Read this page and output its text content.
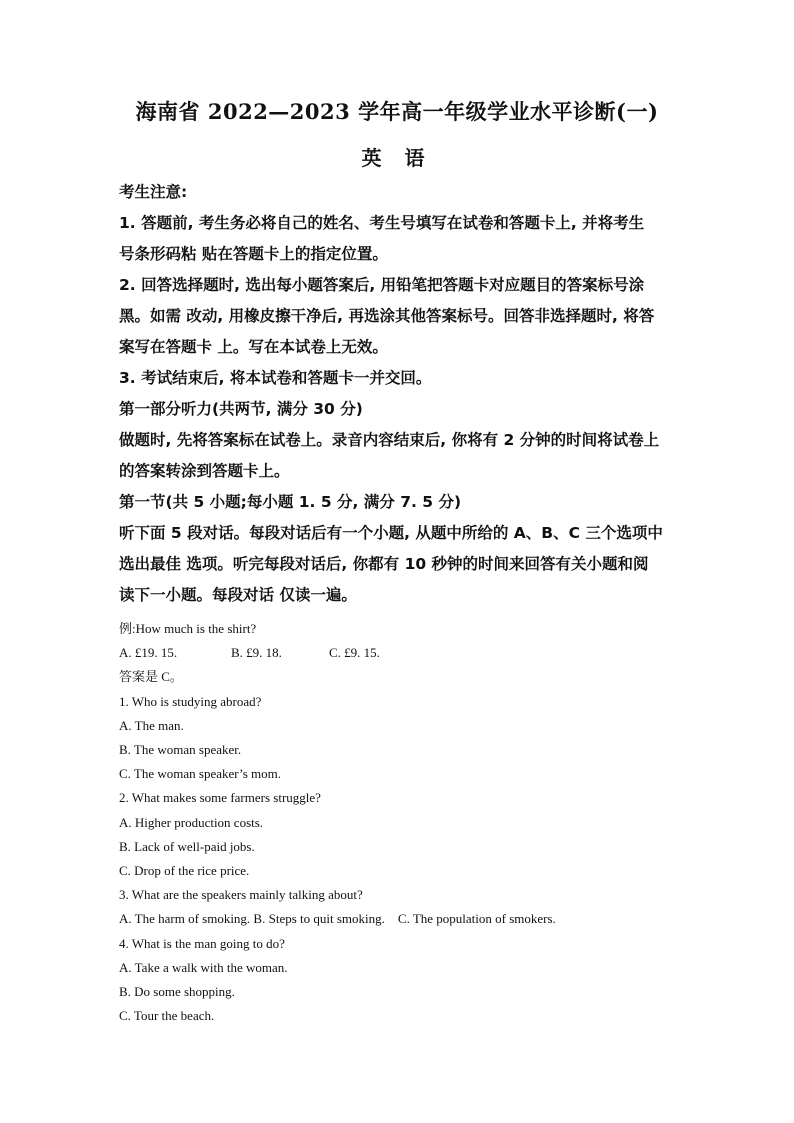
海南省 2022—2023 学年高一年级学业水平诊断(一)
英 语

考生注意:

1. 答题前, 考生务必将自己的姓名、考生号填写在试卷和答题卡上, 并将考生

号条形码粘 贴在答题卡上的指定位置。

2. 回答选择题时, 选出每小题答案后, 用铅笔把答题卡对应题目的答案标号涂

黑。如需 改动, 用橡皮擦干净后, 再选涂其他答案标号。回答非选择题时, 将答

案写在答题卡 上。写在本试卷上无效。

3. 考试结束后, 将本试卷和答题卡一并交回。

第一部分听力(共两节, 满分 30 分)

做题时, 先将答案标在试卷上。录音内容结束后, 你将有 2 分钟的时间将试卷上

的答案转涂到答题卡上。

第一节(共 5 小题;每小题 1. 5 分, 满分 7. 5 分)

听下面 5 段对话。每段对话后有一个小题, 从题中所给的 A、B、C 三个选项中

选出最佳 选项。听完每段对话后, 你都有 10 秒钟的时间来回答有关小题和阅

读下一小题。每段对话 仅读一遍。

例:How much is the shirt?

A. £19. 15.	B. £9. 18.	C. £9. 15.

答案是 C。

1. Who is studying abroad?

A. The man.

B. The woman speaker.

C. The woman speaker’s mom.

2. What makes some farmers struggle?

A. Higher production costs.

B. Lack of well-paid jobs.

C. Drop of the rice price.

3. What are the speakers mainly talking about?

A. The harm of smoking. B. Steps to quit smoking.    C. The population of smokers.

4. What is the man going to do?

A. Take a walk with the woman.

B. Do some shopping.

C. Tour the beach.
